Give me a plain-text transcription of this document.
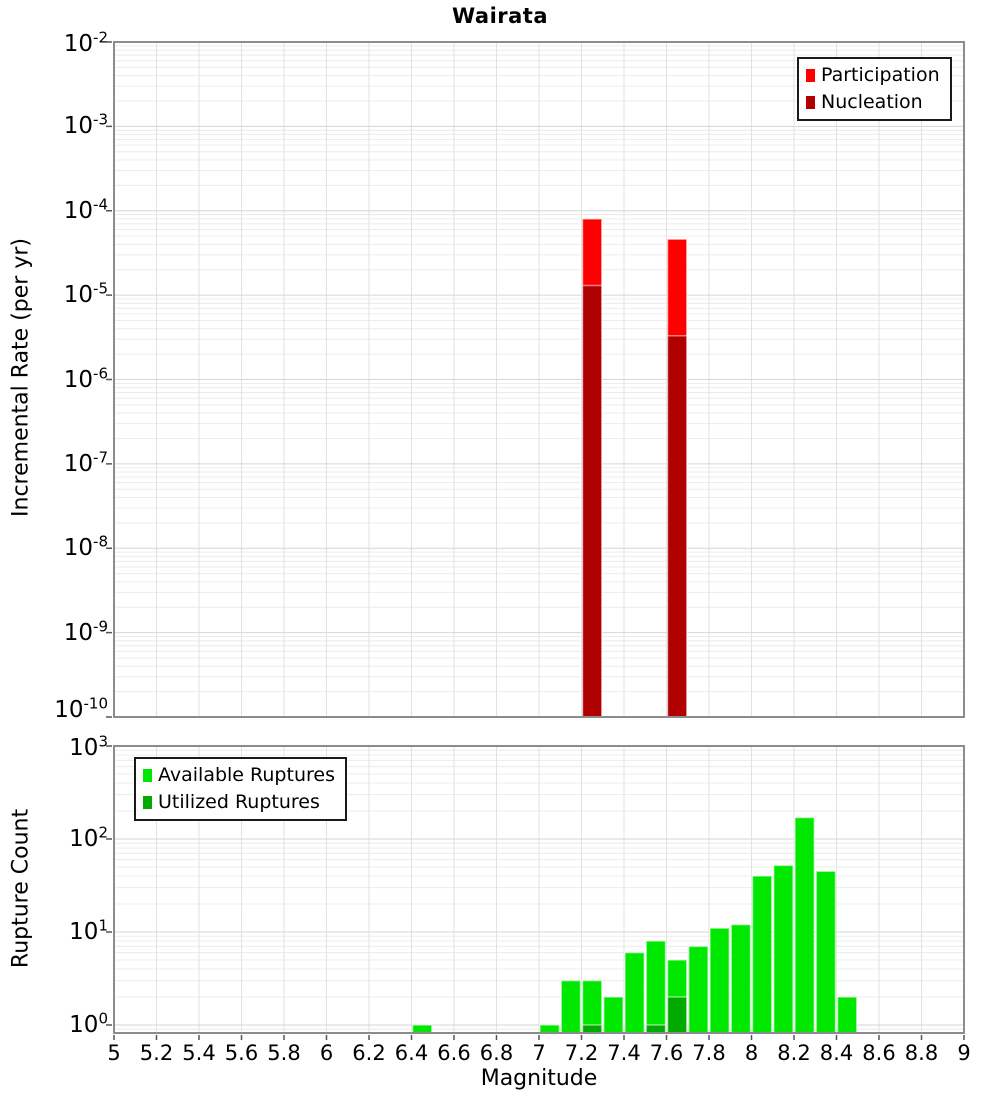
Wairata
Incremental Rate (per yr)
Rupture Count
Magnitude
$10^{-2}$
$10^{-3}$
$10^{-4}$
$10^{-5}$
$10^{-6}$
$10^{-7}$
$10^{-8}$
$10^{-9}$
$10^{-10}$
$10^3$
$10^2$
$10^1$
$10^0$
5 5.2 5.4 5.6 5.8 6 6.2 6.4 6.6 6.8 7 7.2 7.4 7.6 7.8 8 8.2 8.4 8.6 8.8 9
Participation
Nucleation
Available Ruptures
Utilized Ruptures
